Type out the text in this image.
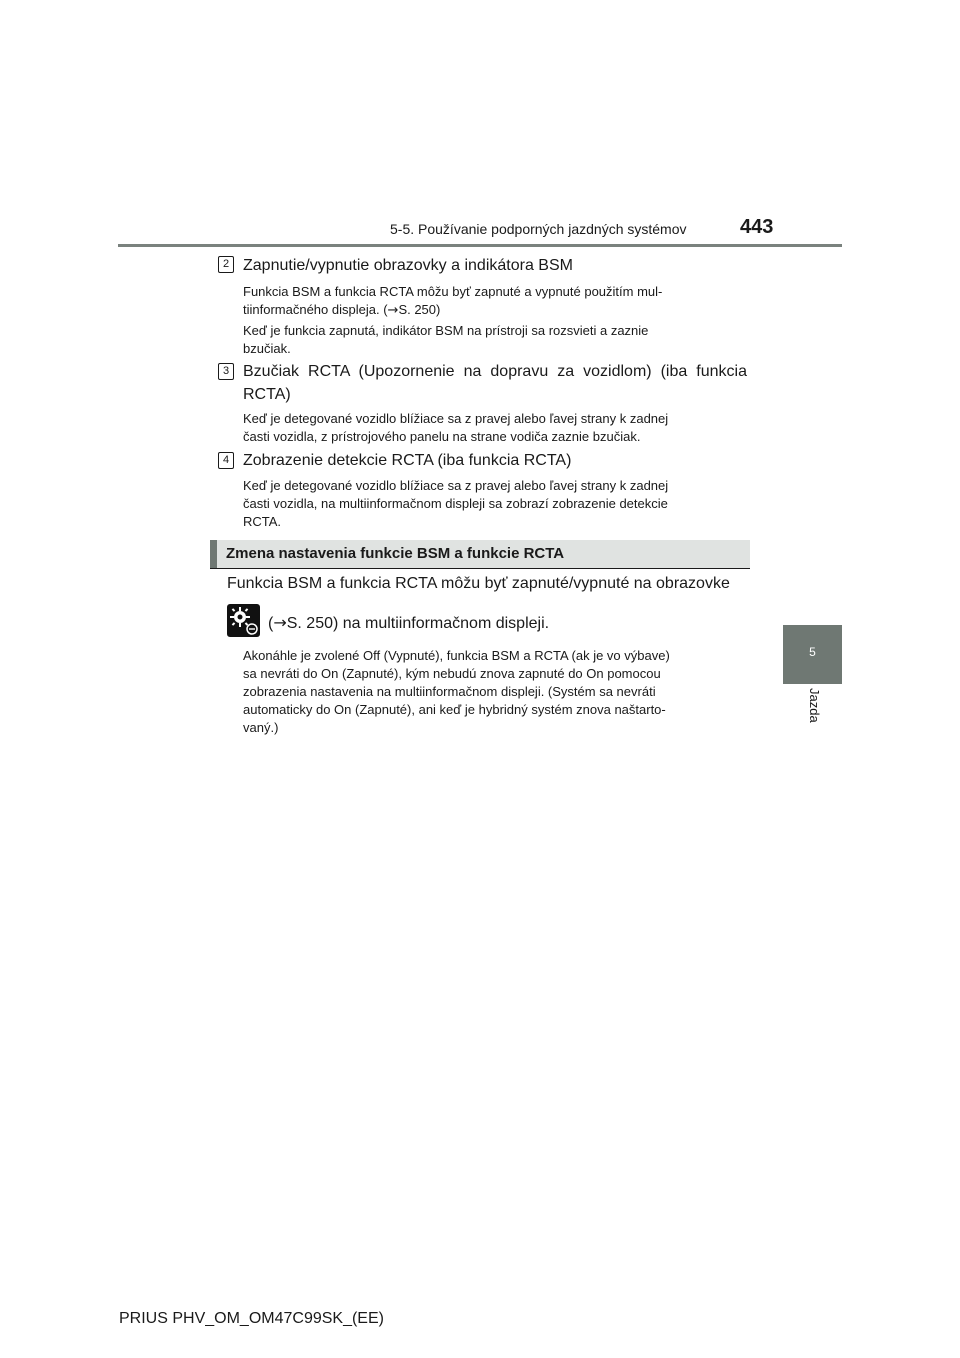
5-5. Používanie podporných jazdných systémov	443
5
Jazda
2 Zapnutie/vypnutie obrazovky a indikátora BSM
Funkcia BSM a funkcia RCTA môžu byť zapnuté a vypnuté použitím mul-
tiinformačného displeja. (→S. 250)
Keď je funkcia zapnutá, indikátor BSM na prístroji sa rozsvieti a zaznie
bzučiak.
3 Bzučiak RCTA (Upozornenie na dopravu za vozidlom) (iba funkcia
RCTA)
Keď je detegované vozidlo blížiace sa z pravej alebo ľavej strany k zadnej
časti vozidla, z prístrojového panelu na strane vodiča zaznie bzučiak.
4 Zobrazenie detekcie RCTA (iba funkcia RCTA)
Keď je detegované vozidlo blížiace sa z pravej alebo ľavej strany k zadnej
časti vozidla, na multiinformačnom displeji sa zobrazí zobrazenie detekcie
RCTA.
Zmena nastavenia funkcie BSM a funkcie RCTA
Funkcia BSM a funkcia RCTA môžu byť zapnuté/vypnuté na obrazovke
(→S. 250) na multiinformačnom displeji.
Akonáhle je zvolené Off (Vypnuté), funkcia BSM a RCTA (ak je vo výbave)
sa nevráti do On (Zapnuté), kým nebudú znova zapnuté do On pomocou
zobrazenia nastavenia na multiinformačnom displeji. (Systém sa nevráti
automaticky do On (Zapnuté), ani keď je hybridný systém znova naštarto-
vaný.)
PRIUS PHV_OM_OM47C99SK_(EE)
